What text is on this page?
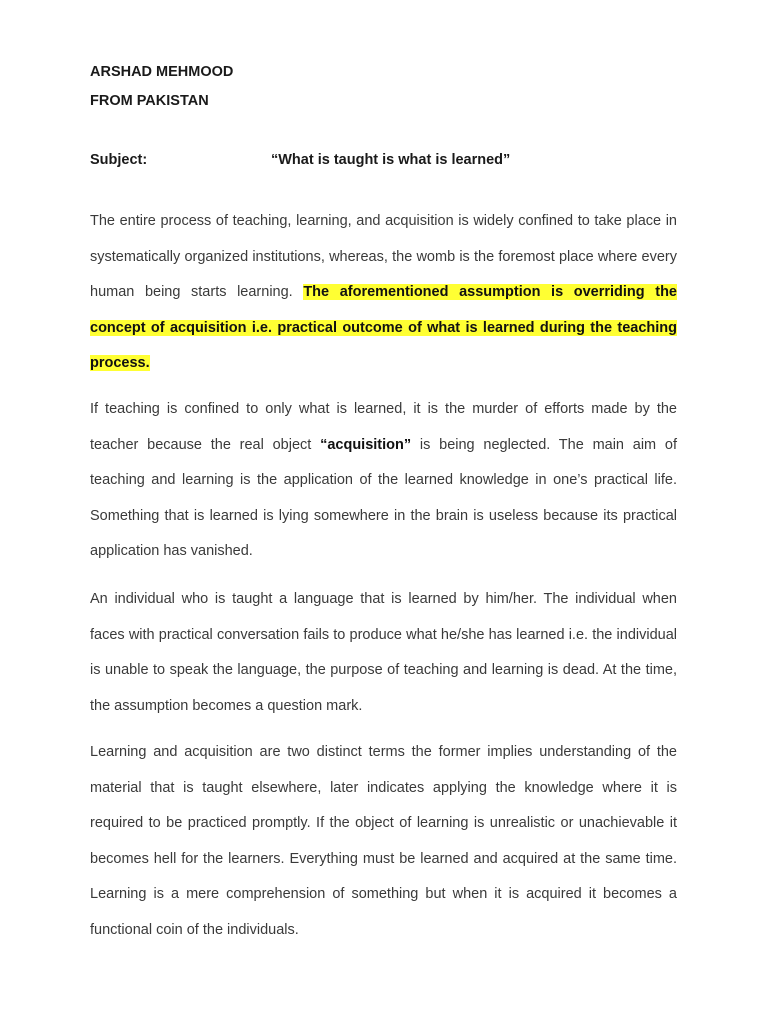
ARSHAD MEHMOOD
FROM PAKISTAN
Subject:	“What is taught is what is learned”
The entire process of teaching, learning, and acquisition is widely confined to take place in systematically organized institutions, whereas, the womb is the foremost place where every human being starts learning. The aforementioned assumption is overriding the concept of acquisition i.e. practical outcome of what is learned during the teaching process.
If teaching is confined to only what is learned, it is the murder of efforts made by the teacher because the real object “acquisition” is being neglected. The main aim of teaching and learning is the application of the learned knowledge in one’s practical life. Something that is learned is lying somewhere in the brain is useless because its practical application has vanished.
An individual who is taught a language that is learned by him/her. The individual when faces with practical conversation fails to produce what he/she has learned i.e. the individual is unable to speak the language, the purpose of teaching and learning is dead. At the time, the assumption becomes a question mark.
Learning and acquisition are two distinct terms the former implies understanding of the material that is taught elsewhere, later indicates applying the knowledge where it is required to be practiced promptly. If the object of learning is unrealistic or unachievable it becomes hell for the learners. Everything must be learned and acquired at the same time. Learning is a mere comprehension of something but when it is acquired it becomes a functional coin of the individuals.
